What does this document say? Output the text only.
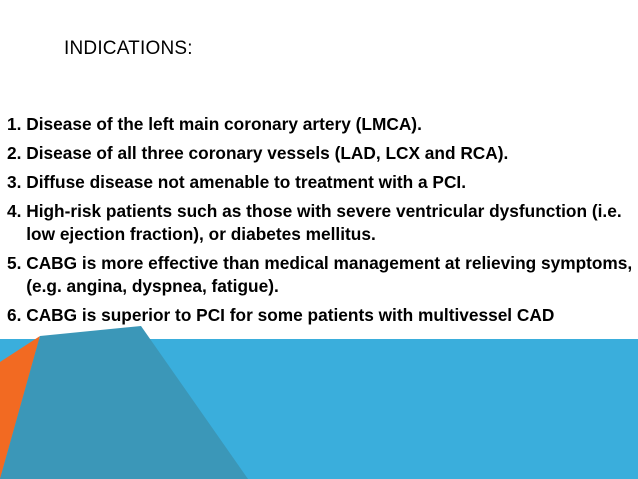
INDICATIONS:
1. Disease of the left main coronary artery (LMCA).
2. Disease of all three coronary vessels (LAD, LCX and RCA).
3. Diffuse disease not amenable to treatment with a PCI.
4. High-risk patients such as those with severe ventricular dysfunction (i.e. low ejection fraction), or diabetes mellitus.
5. CABG is more effective than medical management at relieving symptoms, (e.g. angina, dyspnea, fatigue).
6. CABG is superior to PCI for some patients with multivessel CAD
